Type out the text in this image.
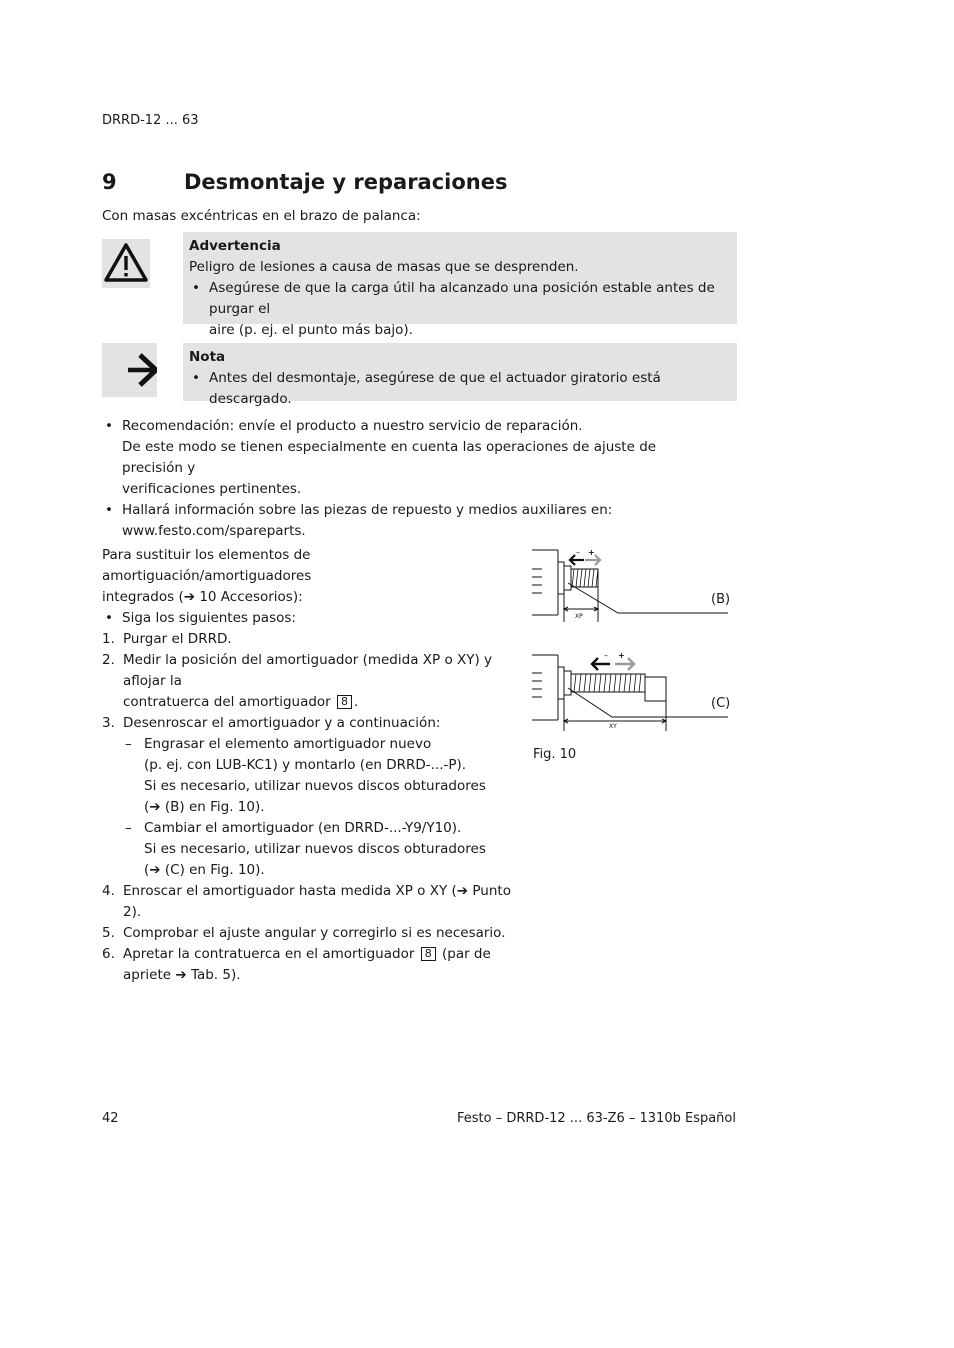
DRRD-12 ... 63
9	Desmontaje y reparaciones
Con masas excéntricas en el brazo de palanca:
Advertencia
Peligro de lesiones a causa de masas que se desprenden.
• Asegúrese de que la carga útil ha alcanzado una posición estable antes de purgar el
aire (p. ej. el punto más bajo).
Nota
• Antes del desmontaje, asegúrese de que el actuador giratorio está descargado.
• Recomendación: envíe el producto a nuestro servicio de reparación.
De este modo se tienen especialmente en cuenta las operaciones de ajuste de precisión y
verificaciones pertinentes.
• Hallará información sobre las piezas de repuesto y medios auxiliares en:
www.festo.com/spareparts.
Para sustituir los elementos de amortiguación/amortiguadores
integrados (➔ 10 Accesorios):
• Siga los siguientes pasos:
1. Purgar el DRRD.
2. Medir la posición del amortiguador (medida XP o XY) y aflojar la
contratuerca del amortiguador 8 .
3. Desenroscar el amortiguador y a continuación:
– Engrasar el elemento amortiguador nuevo
(p. ej. con LUB-KC1) y montarlo (en DRRD-...-P).
Si es necesario, utilizar nuevos discos obturadores
(➔ (B) en Fig. 10).
– Cambiar el amortiguador (en DRRD-...-Y9/Y10).
Si es necesario, utilizar nuevos discos obturadores
(➔ (C) en Fig. 10).
4. Enroscar el amortiguador hasta medida XP o XY (➔ Punto 2).
5. Comprobar el ajuste angular y corregirlo si es necesario.
6. Apretar la contratuerca en el amortiguador 8 (par de
apriete ➔ Tab. 5).
XP
– +
XY
– +
(B)
(C)
Fig. 10
42	Festo – DRRD-12 ... 63-Z6 – 1310b Español
